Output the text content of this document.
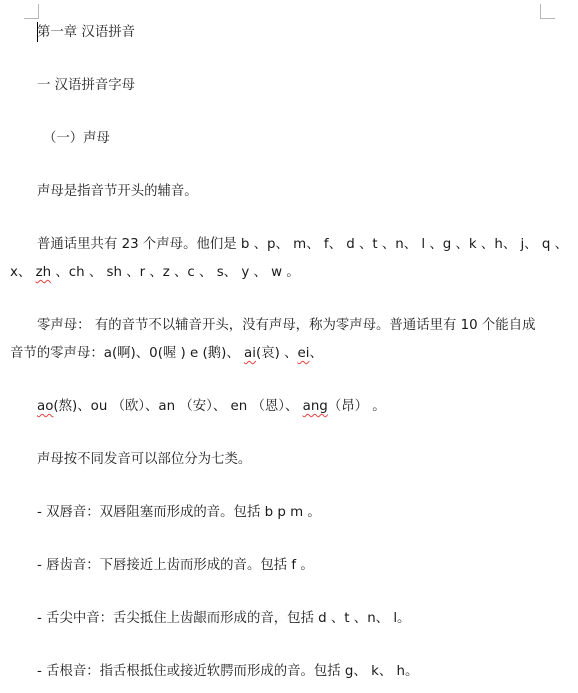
第一章 汉语拼音
一 汉语拼音字母
（一）声母
声母是指音节开头的辅音。
普通话里共有 23 个声母。他们是 b 、p、 m、 f、 d 、t 、n、 l 、g 、k 、h、 j、 q 、
x、 zh 、ch 、 sh 、r 、z 、c 、 s、 y 、 w 。
零声母： 有的音节不以辅音开头，没有声母，称为零声母。普通话里有 10 个能自成
音节的零声母：a(啊)、0(喔 ) e (鹅)、 ai(哀) 、ei、
ao(熬)、ou （欧）、an （安）、 en （恩）、 ang（昂） 。
声母按不同发音可以部位分为七类。
- 双唇音：双唇阻塞而形成的音。包括 b p m 。
- 唇齿音：下唇接近上齿而形成的音。包括 f 。
- 舌尖中音：舌尖抵住上齿龈而形成的音，包括 d 、t 、n、 l。
- 舌根音：指舌根抵住或接近软腭而形成的音。包括 g、 k、 h。
